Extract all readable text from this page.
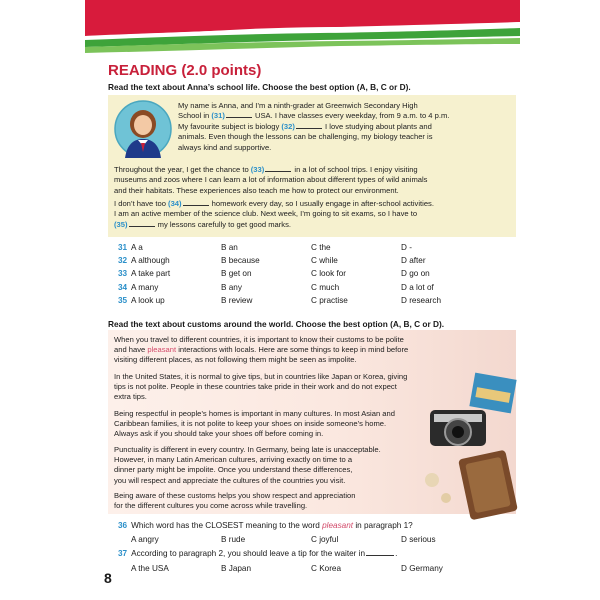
READING (2.0 points)
Read the text about Anna’s school life. Choose the best option (A, B, C or D).
My name is Anna, and I’m a ninth-grader at Greenwich Secondary High
School in (31)	USA. I have classes every weekday, from 9 a.m. to 4 p.m.
My favourite subject is biology (32)	I love studying about plants and
animals. Even though the lessons can be challenging, my biology teacher is
always kind and supportive.
Throughout the year, I get the chance to (33)	in a lot of school trips. I enjoy visiting
museums and zoos where I can learn a lot of information about different types of wild animals
and their habitats. These experiences also teach me how to protect our environment.
I don’t have too (34)	homework every day, so I usually engage in after-school activities.
I am an active member of the science club. Next week, I’m going to sit exams, so I have to
(35)	my lessons carefully to get good marks.
31 A a	B an	C the	D -
32 A although	B because	C while	D after
33 A take part	B get on	C look for	D go on
34 A many	B any	C much	D a lot of
35 A look up	B review	C practise	D research
Read the text about customs around the world. Choose the best option (A, B, C or D).
When you travel to different countries, it is important to know their customs to be polite
and have pleasant interactions with locals. Here are some things to keep in mind before
visiting different places, as not following them might be seen as impolite.
In the United States, it is normal to give tips, but in countries like Japan or Korea, giving
tips is not polite. People in these countries take pride in their work and do not expect
extra tips.
Being respectful in people’s homes is important in many cultures. In most Asian and
Caribbean families, it is not polite to keep your shoes on inside someone’s home.
Always ask if you should take your shoes off before coming in.
Punctuality is different in every country. In Germany, being late is unacceptable.
However, in many Latin American cultures, arriving exactly on time to a
dinner party might be impolite. Once you understand these differences,
you will respect and appreciate the cultures of the countries you visit.
Being aware of these customs helps you show respect and appreciation
for the different cultures you come across while travelling.
36 Which word has the CLOSEST meaning to the word pleasant in paragraph 1?
A angry	B rude	C joyful	D serious
37 According to paragraph 2, you should leave a tip for the waiter in	.
A the USA	B Japan	C Korea	D Germany
8
